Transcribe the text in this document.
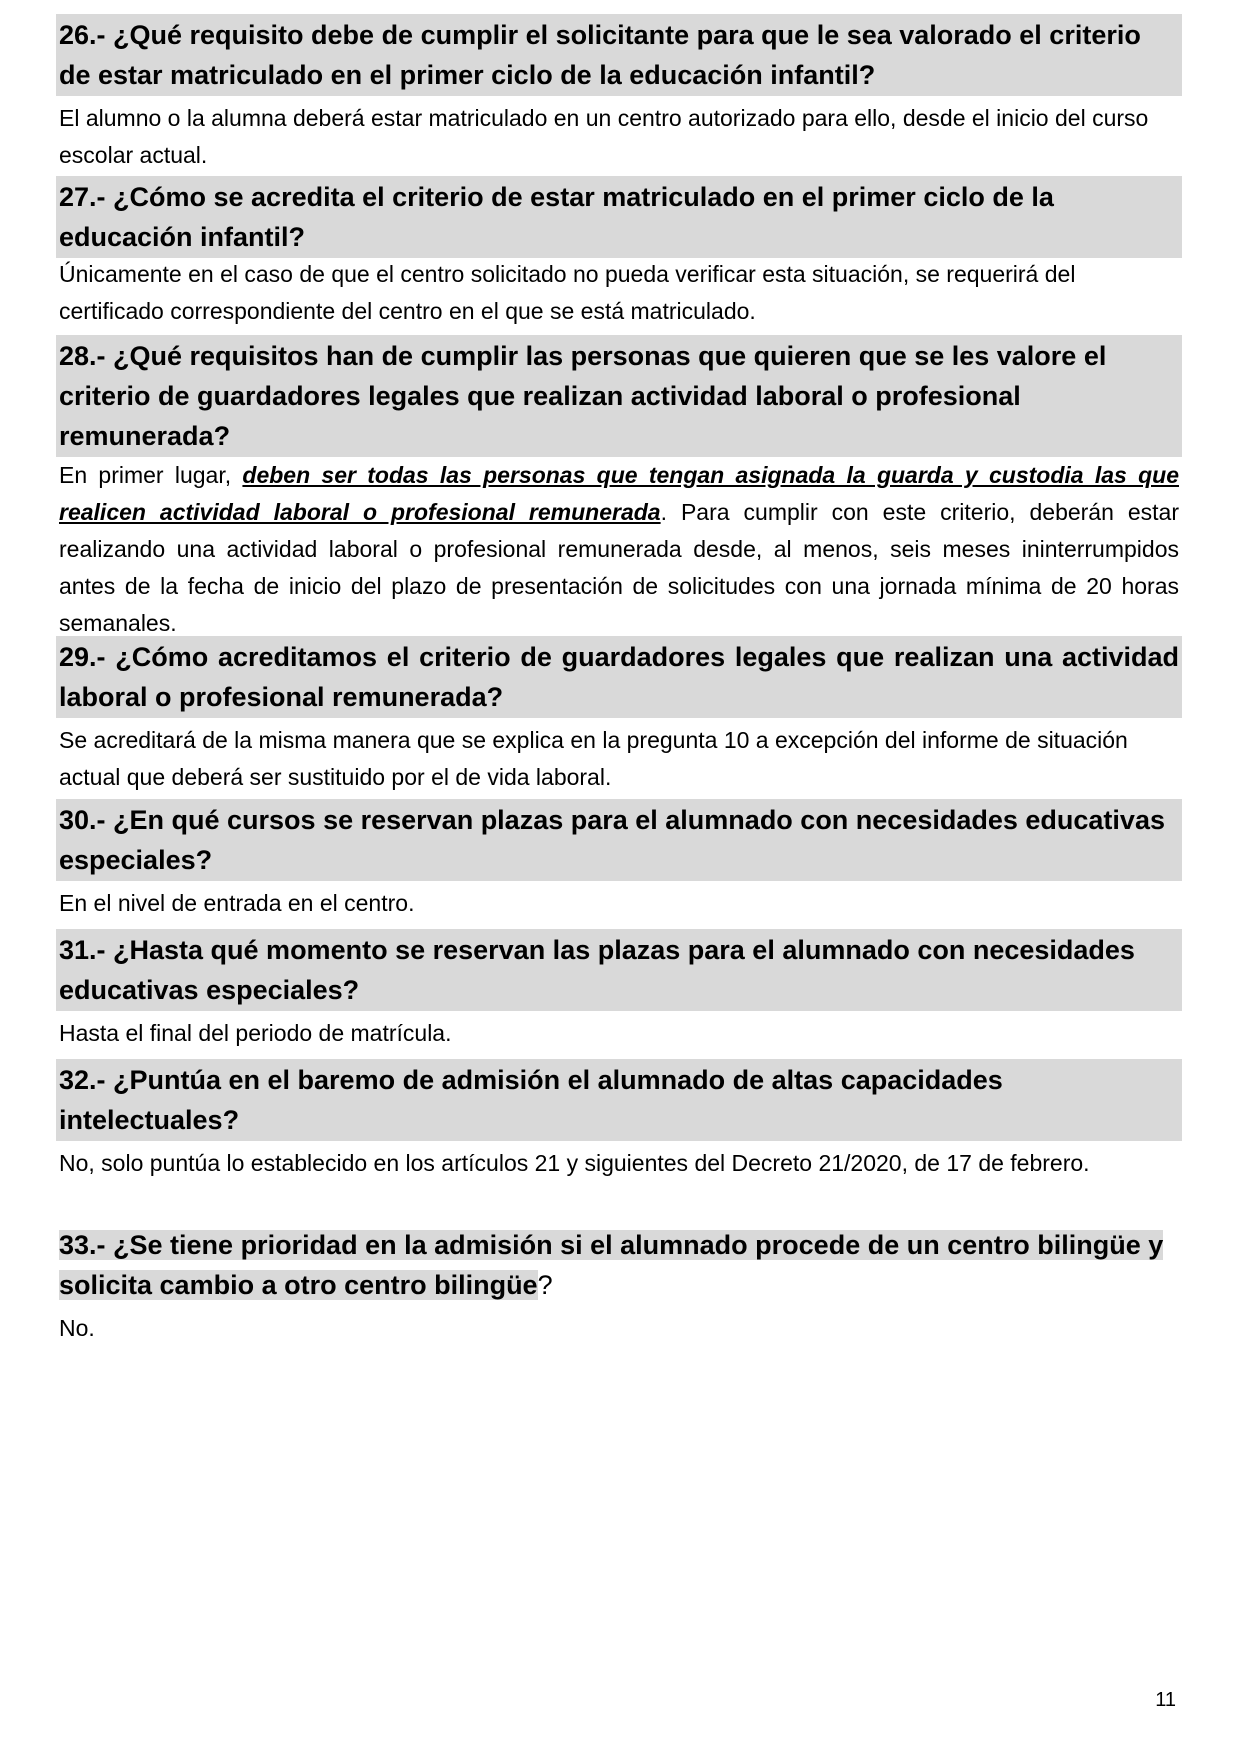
26.- ¿Qué requisito debe de cumplir el solicitante para que le sea valorado el criterio de estar matriculado en el primer ciclo de la educación infantil?
El alumno o la alumna deberá estar matriculado en un centro autorizado para ello, desde el inicio del curso escolar actual.
27.- ¿Cómo se acredita el criterio de estar matriculado en el primer ciclo de la educación infantil?
Únicamente en el caso de que el centro solicitado no pueda verificar esta situación, se requerirá del certificado correspondiente del centro en el que se está matriculado.
28.- ¿Qué requisitos han de cumplir las personas que quieren que se les valore el criterio de guardadores legales que realizan actividad laboral o profesional remunerada?
En primer lugar, deben ser todas las personas que tengan asignada la guarda y custodia las que realicen actividad laboral o profesional remunerada. Para cumplir con este criterio, deberán estar realizando una actividad laboral o profesional remunerada desde, al menos, seis meses ininterrumpidos antes de la fecha de inicio del plazo de presentación de solicitudes con una jornada mínima de 20 horas semanales.
29.- ¿Cómo acreditamos el criterio de guardadores legales que realizan una actividad laboral o profesional remunerada?
Se acreditará de la misma manera que se explica en la pregunta 10 a excepción del informe de situación actual que deberá ser sustituido por el de vida laboral.
30.- ¿En qué cursos se reservan plazas para el alumnado con necesidades educativas especiales?
En el nivel de entrada en el centro.
31.- ¿Hasta qué momento se reservan las plazas para el alumnado con necesidades educativas especiales?
Hasta el final del periodo de matrícula.
32.- ¿Puntúa en el baremo de admisión el alumnado de altas capacidades intelectuales?
No, solo puntúa lo establecido en los artículos 21 y siguientes del Decreto 21/2020, de 17 de febrero.
33.- ¿Se tiene prioridad en la admisión si el alumnado procede de un centro bilingüe y solicita cambio a otro centro bilingüe?
No.
11
